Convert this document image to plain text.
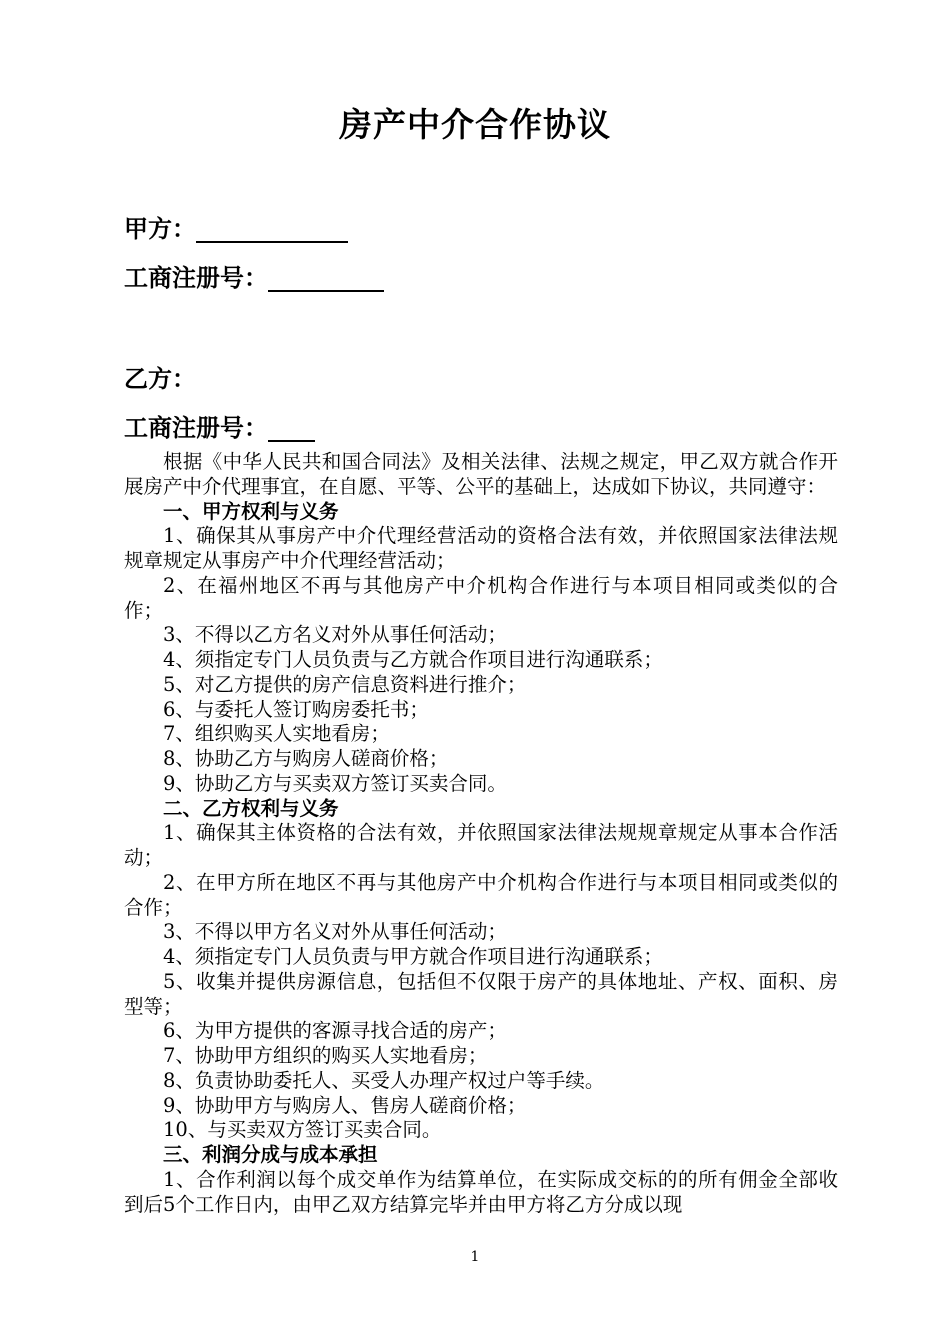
房产中介合作协议
甲方：
工商注册号：
乙方：
工商注册号：

根据《中华人民共和国合同法》及相关法律、法规之规定，甲乙双方就合作开展房产中介代理事宜，在自愿、平等、公平的基础上，达成如下协议，共同遵守：

一、甲方权利与义务

1、确保其从事房产中介代理经营活动的资格合法有效，并依照国家法律法规规章规定从事房产中介代理经营活动；

2、在福州地区不再与其他房产中介机构合作进行与本项目相同或类似的合作；

3、不得以乙方名义对外从事任何活动；

4、须指定专门人员负责与乙方就合作项目进行沟通联系；

5、对乙方提供的房产信息资料进行推介；

6、与委托人签订购房委托书；

7、组织购买人实地看房；

8、协助乙方与购房人磋商价格；

9、协助乙方与买卖双方签订买卖合同。

二、乙方权利与义务

1、确保其主体资格的合法有效，并依照国家法律法规规章规定从事本合作活动；

2、在甲方所在地区不再与其他房产中介机构合作进行与本项目相同或类似的合作；

3、不得以甲方名义对外从事任何活动；

4、须指定专门人员负责与甲方就合作项目进行沟通联系；

5、收集并提供房源信息，包括但不仅限于房产的具体地址、产权、面积、房型等；

6、为甲方提供的客源寻找合适的房产；

7、协助甲方组织的购买人实地看房；

8、负责协助委托人、买受人办理产权过户等手续。

9、协助甲方与购房人、售房人磋商价格；

10、与买卖双方签订买卖合同。

三、利润分成与成本承担

1、合作利润以每个成交单作为结算单位，在实际成交标的的所有佣金全部收到后5个工作日内，由甲乙双方结算完毕并由甲方将乙方分成以现

1
